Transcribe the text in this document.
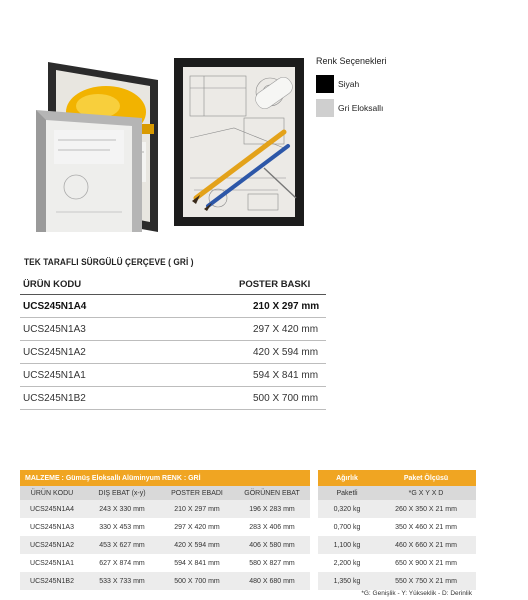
Renk Seçenekleri
Siyah
Gri Eloksallı
TEK TARAFLI SÜRGÜLÜ ÇERÇEVE ( GRİ )
ÜRÜN KODU	POSTER BASKI
UCS245N1A4	210 X 297 mm
UCS245N1A3	297 X 420 mm
UCS245N1A2	420 X 594 mm
UCS245N1A1	594 X 841 mm
UCS245N1B2	500 X 700 mm
MALZEME : Gümüş Eloksallı Alüminyum RENK : GRİ
ÜRÜN KODU	DIŞ EBAT (x-y)	POSTER EBADI	GÖRÜNEN EBAT
UCS245N1A4	243 X 330 mm	210 X 297 mm	196 X 283 mm
UCS245N1A3	330 X 453 mm	297 X 420 mm	283 X 406 mm
UCS245N1A2	453 X 627 mm	420 X 594 mm	406 X 580 mm
UCS245N1A1	627 X 874 mm	594 X 841 mm	580 X 827 mm
UCS245N1B2	533 X 733 mm	500 X 700 mm	480 X 680 mm
Ağırlık	Paket Ölçüsü
Paketli	*G X Y X D
0,320 kg	260 X 350 X 21 mm
0,700 kg	350 X 460 X 21 mm
1,100 kg	460 X 660 X 21 mm
2,200 kg	650 X 900 X 21 mm
1,350 kg	550 X 750 X 21 mm
*G: Genişlik - Y: Yükseklik - D: Derinlik
